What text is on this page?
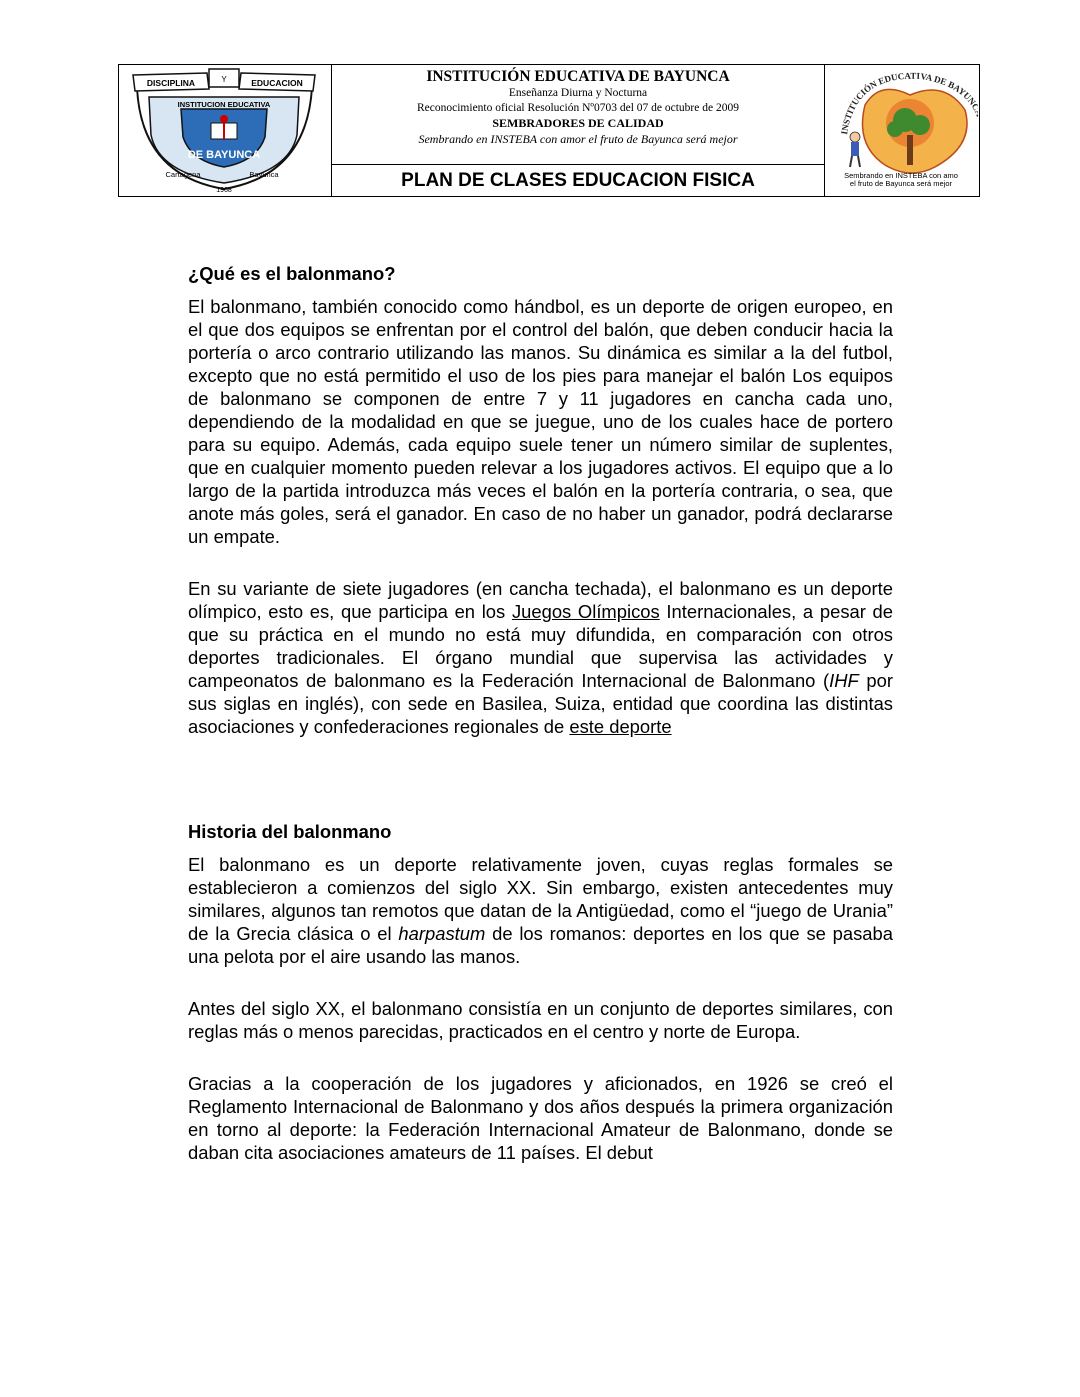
DISCIPLINA	Y	EDUCACION
INSTITUCION EDUCATIVA
DE BAYUNCA
Cartagena	Bayunca
1968
INSTITUCIÓN EDUCATIVA DE BAYUNCA
Enseñanza Diurna y Nocturna
Reconocimiento oficial Resolución Nº0703 del 07 de octubre de 2009
SEMBRADORES DE CALIDAD
Sembrando en INSTEBA con amor el fruto de Bayunca será mejor
PLAN DE CLASES EDUCACION FISICA
INSTITUCIÓN EDUCATIVA DE BAYUN
Sembrando en INSTEBA con amo
el fruto de Bayunca será mejor
¿Qué es el balonmano?

El balonmano, también conocido como hándbol, es un deporte de origen europeo, en el que dos equipos se enfrentan por el control del balón, que deben conducir hacia la portería o arco contrario utilizando las manos. Su dinámica es similar a la del futbol, excepto que no está permitido el uso de los pies para manejar el balón Los equipos de balonmano se componen de entre 7 y 11 jugadores en cancha cada uno, dependiendo de la modalidad en que se juegue, uno de los cuales hace de portero para su equipo. Además, cada equipo suele tener un número similar de suplentes, que en cualquier momento pueden relevar a los jugadores activos. El equipo que a lo largo de la partida introduzca más veces el balón en la portería contraria, o sea, que anote más goles, será el ganador. En caso de no haber un ganador, podrá declararse un empate.

En su variante de siete jugadores (en cancha techada), el balonmano es un deporte olímpico, esto es, que participa en los Juegos Olímpicos Internacionales, a pesar de que su práctica en el mundo no está muy difundida, en comparación con otros deportes tradicionales. El órgano mundial que supervisa las actividades y campeonatos de balonmano es la Federación Internacional de Balonmano (IHF por sus siglas en inglés), con sede en Basilea, Suiza, entidad que coordina las distintas asociaciones y confederaciones regionales de este deporte

Historia del balonmano

El balonmano es un deporte relativamente joven, cuyas reglas formales se establecieron a comienzos del siglo XX. Sin embargo, existen antecedentes muy similares, algunos tan remotos que datan de la Antigüedad, como el “juego de Urania” de la Grecia clásica o el harpastum de los romanos: deportes en los que se pasaba una pelota por el aire usando las manos.

Antes del siglo XX, el balonmano consistía en un conjunto de deportes similares, con reglas más o menos parecidas, practicados en el centro y norte de Europa.

Gracias a la cooperación de los jugadores y aficionados, en 1926 se creó el Reglamento Internacional de Balonmano y dos años después la primera organización en torno al deporte: la Federación Internacional Amateur de Balonmano, donde se daban cita asociaciones amateurs de 11 países. El debut
